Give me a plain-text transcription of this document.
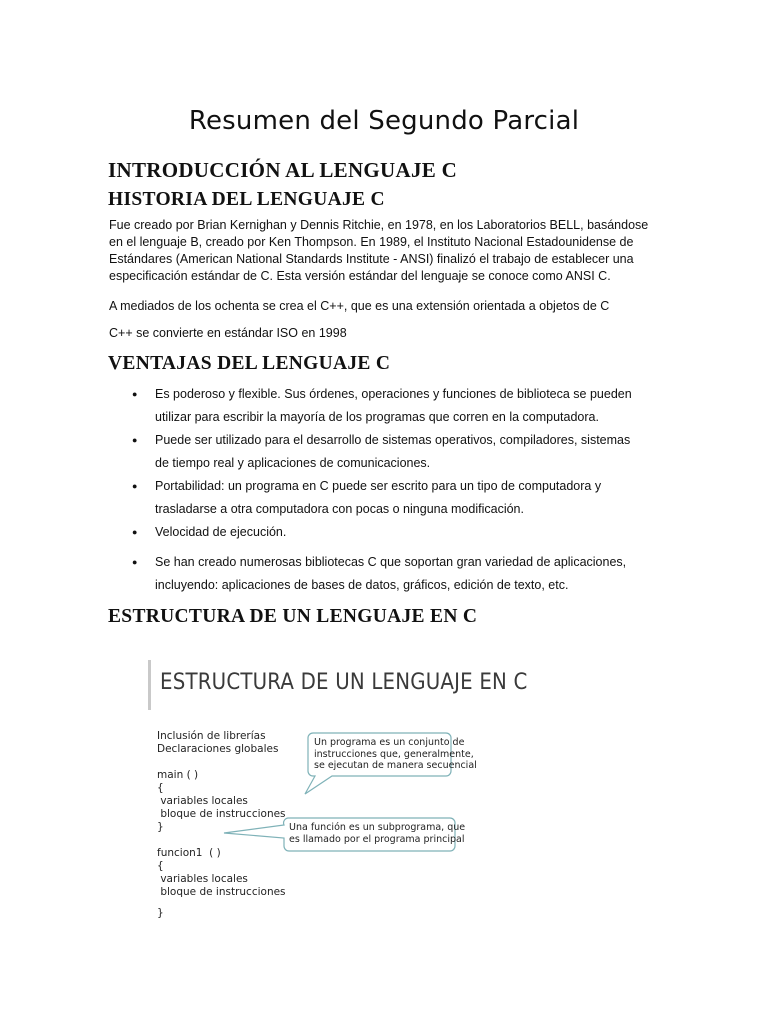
Resumen del Segundo Parcial
INTRODUCCIÓN AL LENGUAJE C
HISTORIA DEL LENGUAJE C
Fue creado por Brian Kernighan y Dennis Ritchie, en 1978, en los Laboratorios BELL, basándose
en el lenguaje B, creado por Ken Thompson. En 1989, el Instituto Nacional Estadounidense de
Estándares (American National Standards Institute - ANSI) finalizó el trabajo de establecer una
especificación estándar de C. Esta versión estándar del lenguaje se conoce como ANSI C.
A mediados de los ochenta se crea el C++, que es una extensión orientada a objetos de C
C++ se convierte en estándar ISO en 1998
VENTAJAS DEL LENGUAJE C
●	Es poderoso y flexible. Sus órdenes, operaciones y funciones de biblioteca se pueden
utilizar para escribir la mayoría de los programas que corren en la computadora.
●	Puede ser utilizado para el desarrollo de sistemas operativos, compiladores, sistemas
de tiempo real y aplicaciones de comunicaciones.
●	Portabilidad: un programa en C puede ser escrito para un tipo de computadora y
trasladarse a otra computadora con pocas o ninguna modificación.
●	Velocidad de ejecución.
●	Se han creado numerosas bibliotecas C que soportan gran variedad de aplicaciones,
incluyendo: aplicaciones de bases de datos, gráficos, edición de texto, etc.
ESTRUCTURA DE UN LENGUAJE EN C
ESTRUCTURA DE UN LENGUAJE EN C
Inclusión de librerías
Declaraciones globales
main ( )
{
variables locales
bloque de instrucciones
}
funcion1  ( )
{
variables locales
bloque de instrucciones
}
Un programa es un conjunto de
instrucciones que, generalmente,
se ejecutan de manera secuencial
Una función es un subprograma, que
es llamado por el programa principal
